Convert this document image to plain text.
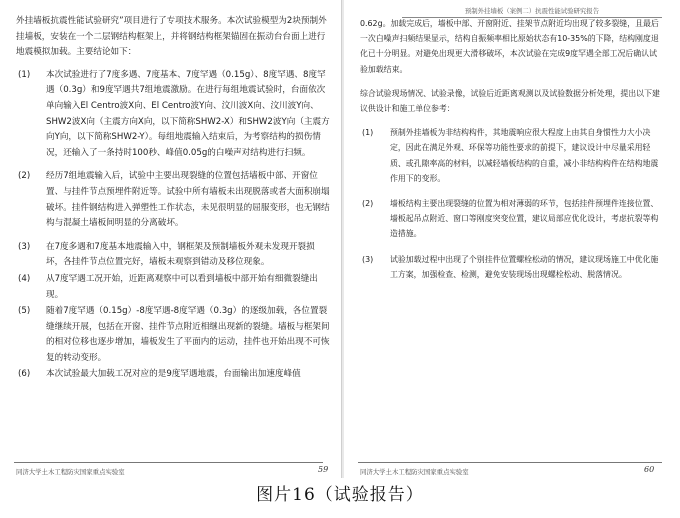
外挂墙板抗震性能试验研究”项目进行了专项技术服务。本次试验模型为2块预制外挂墙板，安装在一个二层钢结构框架上，并将钢结构框架锚固在振动台台面上进行地震模拟加载。主要结论如下：

(1) 本次试验进行了7度多遇、7度基本、7度罕遇（0.15g）、8度罕遇、8度罕遇（0.3g）和9度罕遇共7组地震激励。在进行每组地震试验时，台面依次单向输入El Centro波X向、El Centro波Y向、汶川波X向、汶川波Y向、SHW2波X向（主震方向X向，以下简称SHW2-X）和SHW2波Y向（主震方向Y向，以下简称SHW2-Y）。每组地震输入结束后，为考察结构的损伤情况，还输入了一条持时100秒、峰值0.05g的白噪声对结构进行扫频。

(2) 经历7组地震输入后，试验中主要出现裂缝的位置包括墙板中部、开窗位置、与挂件节点预埋件附近等。试验中所有墙板未出现脱落或者大面积崩塌破坏。挂件钢结构进入弹塑性工作状态，未见很明显的屈服变形，也无钢结构与混凝土墙板间明显的分离破坏。

(3) 在7度多遇和7度基本地震输入中，钢框架及预制墙板外观未发现开裂损坏，各挂件节点位置完好，墙板未观察到错动及移位现象。

(4) 从7度罕遇工况开始，近距离观察中可以看到墙板中部开始有细微裂缝出现。

(5) 随着7度罕遇（0.15g）-8度罕遇-8度罕遇（0.3g）的逐级加载，各位置裂缝继续开展，包括在开窗、挂件节点附近相继出现新的裂缝。墙板与框架间的相对位移也逐步增加，墙板发生了平面内的运动，挂件也开始出现不可恢复的转动变形。

(6) 本次试验最大加载工况对应的是9度罕遇地震，台面输出加速度峰值

同济大学土木工程防灾国家重点实验室	59
预制外挂墙板（案例二）抗震性能试验研究报告

0.62g。加载完成后，墙板中部、开窗附近、挂架节点附近均出现了较多裂缝，且最后一次白噪声扫频结果显示，结构自振频率相比原始状态有10-35%的下降，结构刚度退化已十分明显。对避免出现更大滑移破坏，本次试验在完成9度罕遇全部工况后确认试验加载结束。

综合试验现场情况、试验录像，试验后近距离观测以及试验数据分析处理，提出以下建议供设计和施工单位参考：

(1) 预制外挂墙板为非结构构件，其地震响应很大程度上由其自身惯性力大小决定，因此在满足外观、环保等功能性要求的前提下，建议设计中尽量采用轻质、或孔隙率高的材料，以减轻墙板结构的自重，减小非结构构件在结构地震作用下的变形。

(2) 墙板结构主要出现裂缝的位置为相对薄弱的环节，包括挂件预埋件连接位置、墙板起吊点附近、窗口等刚度突变位置，建议局部应优化设计，考虑抗裂等构造措施。

(3) 试验加载过程中出现了个别挂件位置螺栓松动的情况，建议现场施工中优化施工方案，加强检查、检测，避免安装现场出现螺栓松动、脱落情况。

同济大学土木工程防灾国家重点实验室	60
图片16（试验报告）
